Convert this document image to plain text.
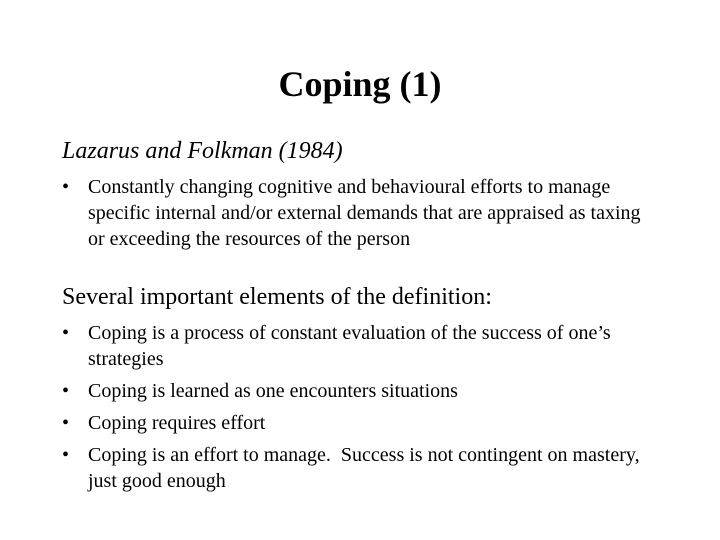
Coping (1)
Lazarus and Folkman (1984)
• Constantly changing cognitive and behavioural efforts to manage specific internal and/or external demands that are appraised as taxing or exceeding the resources of the person
Several important elements of the definition:
• Coping is a process of constant evaluation of the success of one’s strategies
• Coping is learned as one encounters situations
• Coping requires effort
• Coping is an effort to manage.  Success is not contingent on mastery, just good enough
